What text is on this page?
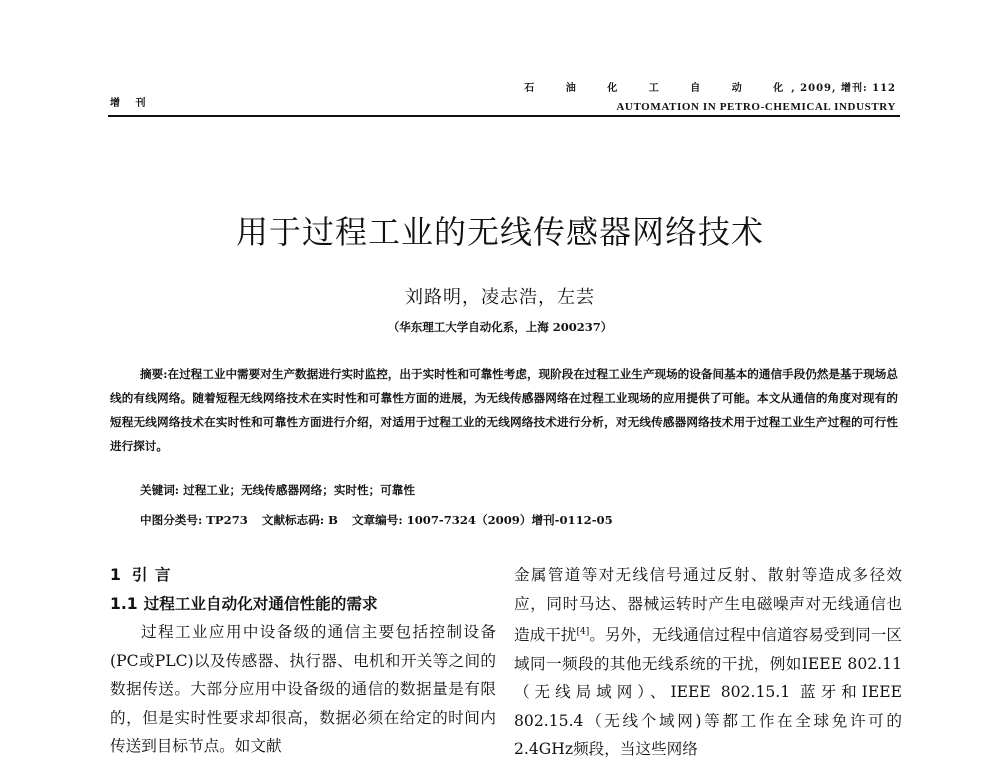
增 刊
石 油 化 工 自 动 化, 2009, 增刊: 112
AUTOMATION IN PETRO-CHEMICAL INDUSTRY
用于过程工业的无线传感器网络技术
刘路明，凌志浩，左芸
（华东理工大学自动化系，上海 200237）
摘要:在过程工业中需要对生产数据进行实时监控，出于实时性和可靠性考虑，现阶段在过程工业生产现场的设备间基本的通信手段仍然是基于现场总线的有线网络。随着短程无线网络技术在实时性和可靠性方面的进展，为无线传感器网络在过程工业现场的应用提供了可能。本文从通信的角度对现有的短程无线网络技术在实时性和可靠性方面进行介绍，对适用于过程工业的无线网络技术进行分析，对无线传感器网络技术用于过程工业生产过程的可行性进行探讨。
关键词: 过程工业；无线传感器网络；实时性；可靠性
中图分类号: TP273 文献标志码: B 文章编号: 1007-7324（2009）增刊-0112-05
1 引 言
1.1 过程工业自动化对通信性能的需求

过程工业应用中设备级的通信主要包括控制设备(PC或PLC)以及传感器、执行器、电机和开关等之间的数据传送。大部分应用中设备级的通信的数据量是有限的，但是实时性要求却很高，数据必须在给定的时间内传送到目标节点。如文献

金属管道等对无线信号通过反射、散射等造成多径效应，同时马达、器械运转时产生电磁噪声对无线通信也造成干扰[4]。另外，无线通信过程中信道容易受到同一区域同一频段的其他无线系统的干扰，例如IEEE 802.11（无线局域网）、IEEE 802.15.1 蓝牙和IEEE 802.15.4（无线个域网)等都工作在全球免许可的2.4GHz频段，当这些网络
